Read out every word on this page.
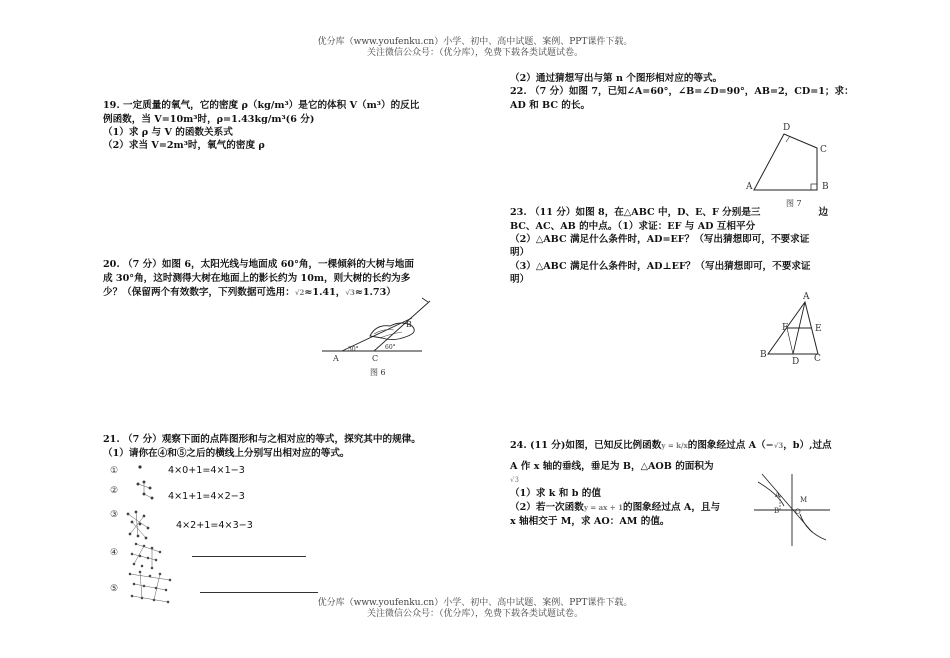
优分库（www.youfenku.cn）小学、初中、高中试题、案例、PPT课件下载。
关注微信公众号：（优分库），免费下载各类试题试卷。
19. 一定质量的氧气，它的密度 ρ（kg/m³）是它的体积 V（m³）的反比
例函数，当 V=10m³时，ρ=1.43kg/m³(6 分)
（1）求 ρ 与 V 的函数关系式
（2）求当 V=2m³时，氧气的密度 ρ
20. （7 分）如图 6，太阳光线与地面成 60°角，一棵倾斜的大树与地面
成 30°角，这时测得大树在地面上的影长约为 10m，则大树的长约为多
少？（保留两个有效数字，下列数据可选用：√2≈1.41，√3≈1.73）
A
30°
C
60°
B
图 6
21. （7 分）观察下面的点阵图形和与之相对应的等式，探究其中的规律。
（1）请你在④和⑤之后的横线上分别写出相对应的等式。
①	4×0+1=4×1−3
②	4×1+1=4×2−3
③
4×2+1=4×3−3
④
⑤
（2）通过猜想写出与第 n 个图形相对应的等式。
22. （7 分）如图 7，已知∠A=60°，∠B=∠D=90°，AB=2，CD=1；求：
AD 和 BC 的长。
D
C
A	B
图 7
23. （11 分）如图 8，在△ABC 中，D、E、F 分别是三	边
BC、AC、AB 的中点。（1）求证：EF 与 AD 互相平分
（2）△ABC 满足什么条件时，AD=EF？（写出猜想即可，不要求证
明）
（3）△ABC 满足什么条件时，AD⊥EF？（写出猜想即可，不要求证
明）
A
F	E
B
D C
24. (11 分)如图，已知反比例函数y = k/x的图象经过点 A（−√3，b）,过点
A 作 x 轴的垂线，垂足为 B，△AOB 的面积为
√3
（1）求 k 和 b 的值
（2）若一次函数y = ax + 1的图象经过点 A，且与
x 轴相交于 M，求 AO：AM 的值。
A
B O
M
优分库（www.youfenku.cn）小学、初中、高中试题、案例、PPT课件下载。
关注微信公众号：（优分库），免费下载各类试题试卷。
